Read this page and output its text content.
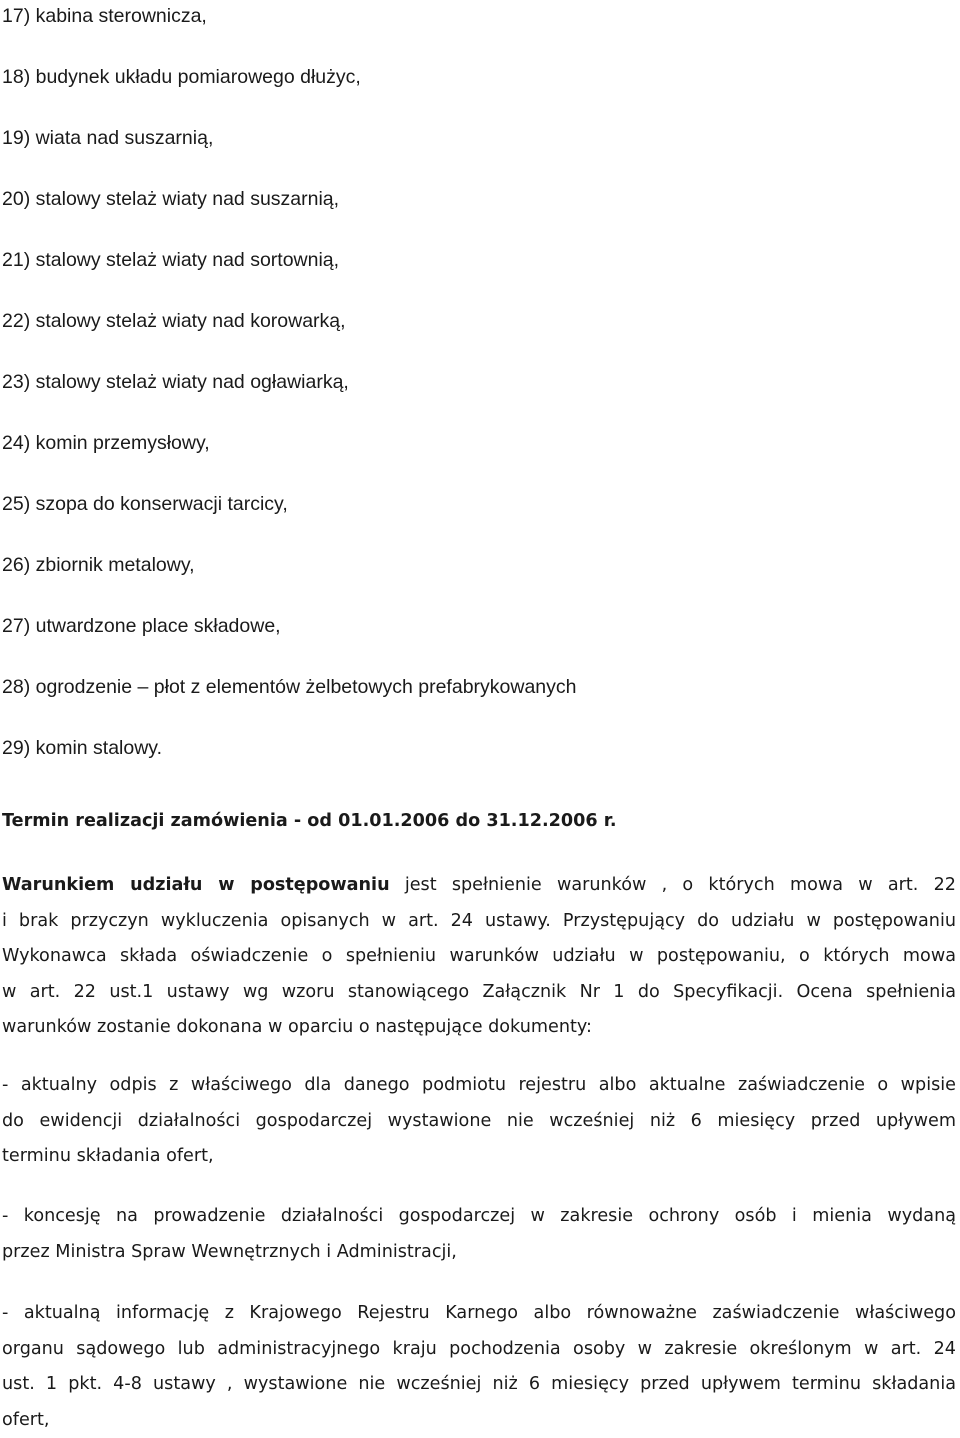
17) kabina sterownicza,
18) budynek układu pomiarowego dłużyc,
19) wiata nad suszarnią,
20) stalowy stelaż wiaty nad suszarnią,
21) stalowy stelaż wiaty nad sortownią,
22) stalowy stelaż wiaty nad korowarką,
23) stalowy stelaż wiaty nad ogławiarką,
24) komin przemysłowy,
25) szopa do konserwacji tarcicy,
26) zbiornik metalowy,
27) utwardzone place składowe,
28) ogrodzenie – płot z elementów żelbetowych prefabrykowanych
29) komin stalowy.

Termin realizacji zamówienia - od 01.01.2006 do 31.12.2006 r.

Warunkiem udziału w postępowaniu jest spełnienie warunków , o których mowa w art. 22
i brak przyczyn wykluczenia opisanych w art. 24 ustawy. Przystępujący do udziału w postępowaniu
Wykonawca składa oświadczenie o spełnieniu warunków udziału w postępowaniu, o których mowa
w art. 22 ust.1 ustawy wg wzoru stanowiącego Załącznik Nr 1 do Specyfikacji. Ocena spełnienia
warunków zostanie dokonana w oparciu o następujące dokumenty:
- aktualny odpis z właściwego dla danego podmiotu rejestru albo aktualne zaświadczenie o wpisie
do ewidencji działalności gospodarczej wystawione nie wcześniej niż 6 miesięcy przed upływem
terminu składania ofert,
- koncesję na prowadzenie działalności gospodarczej w zakresie ochrony osób i mienia wydaną
przez Ministra Spraw Wewnętrznych i Administracji,
- aktualną informację z Krajowego Rejestru Karnego albo równoważne zaświadczenie właściwego
organu sądowego lub administracyjnego kraju pochodzenia osoby w zakresie określonym w art. 24
ust. 1 pkt. 4-8 ustawy , wystawione nie wcześniej niż 6 miesięcy przed upływem terminu składania
ofert,
